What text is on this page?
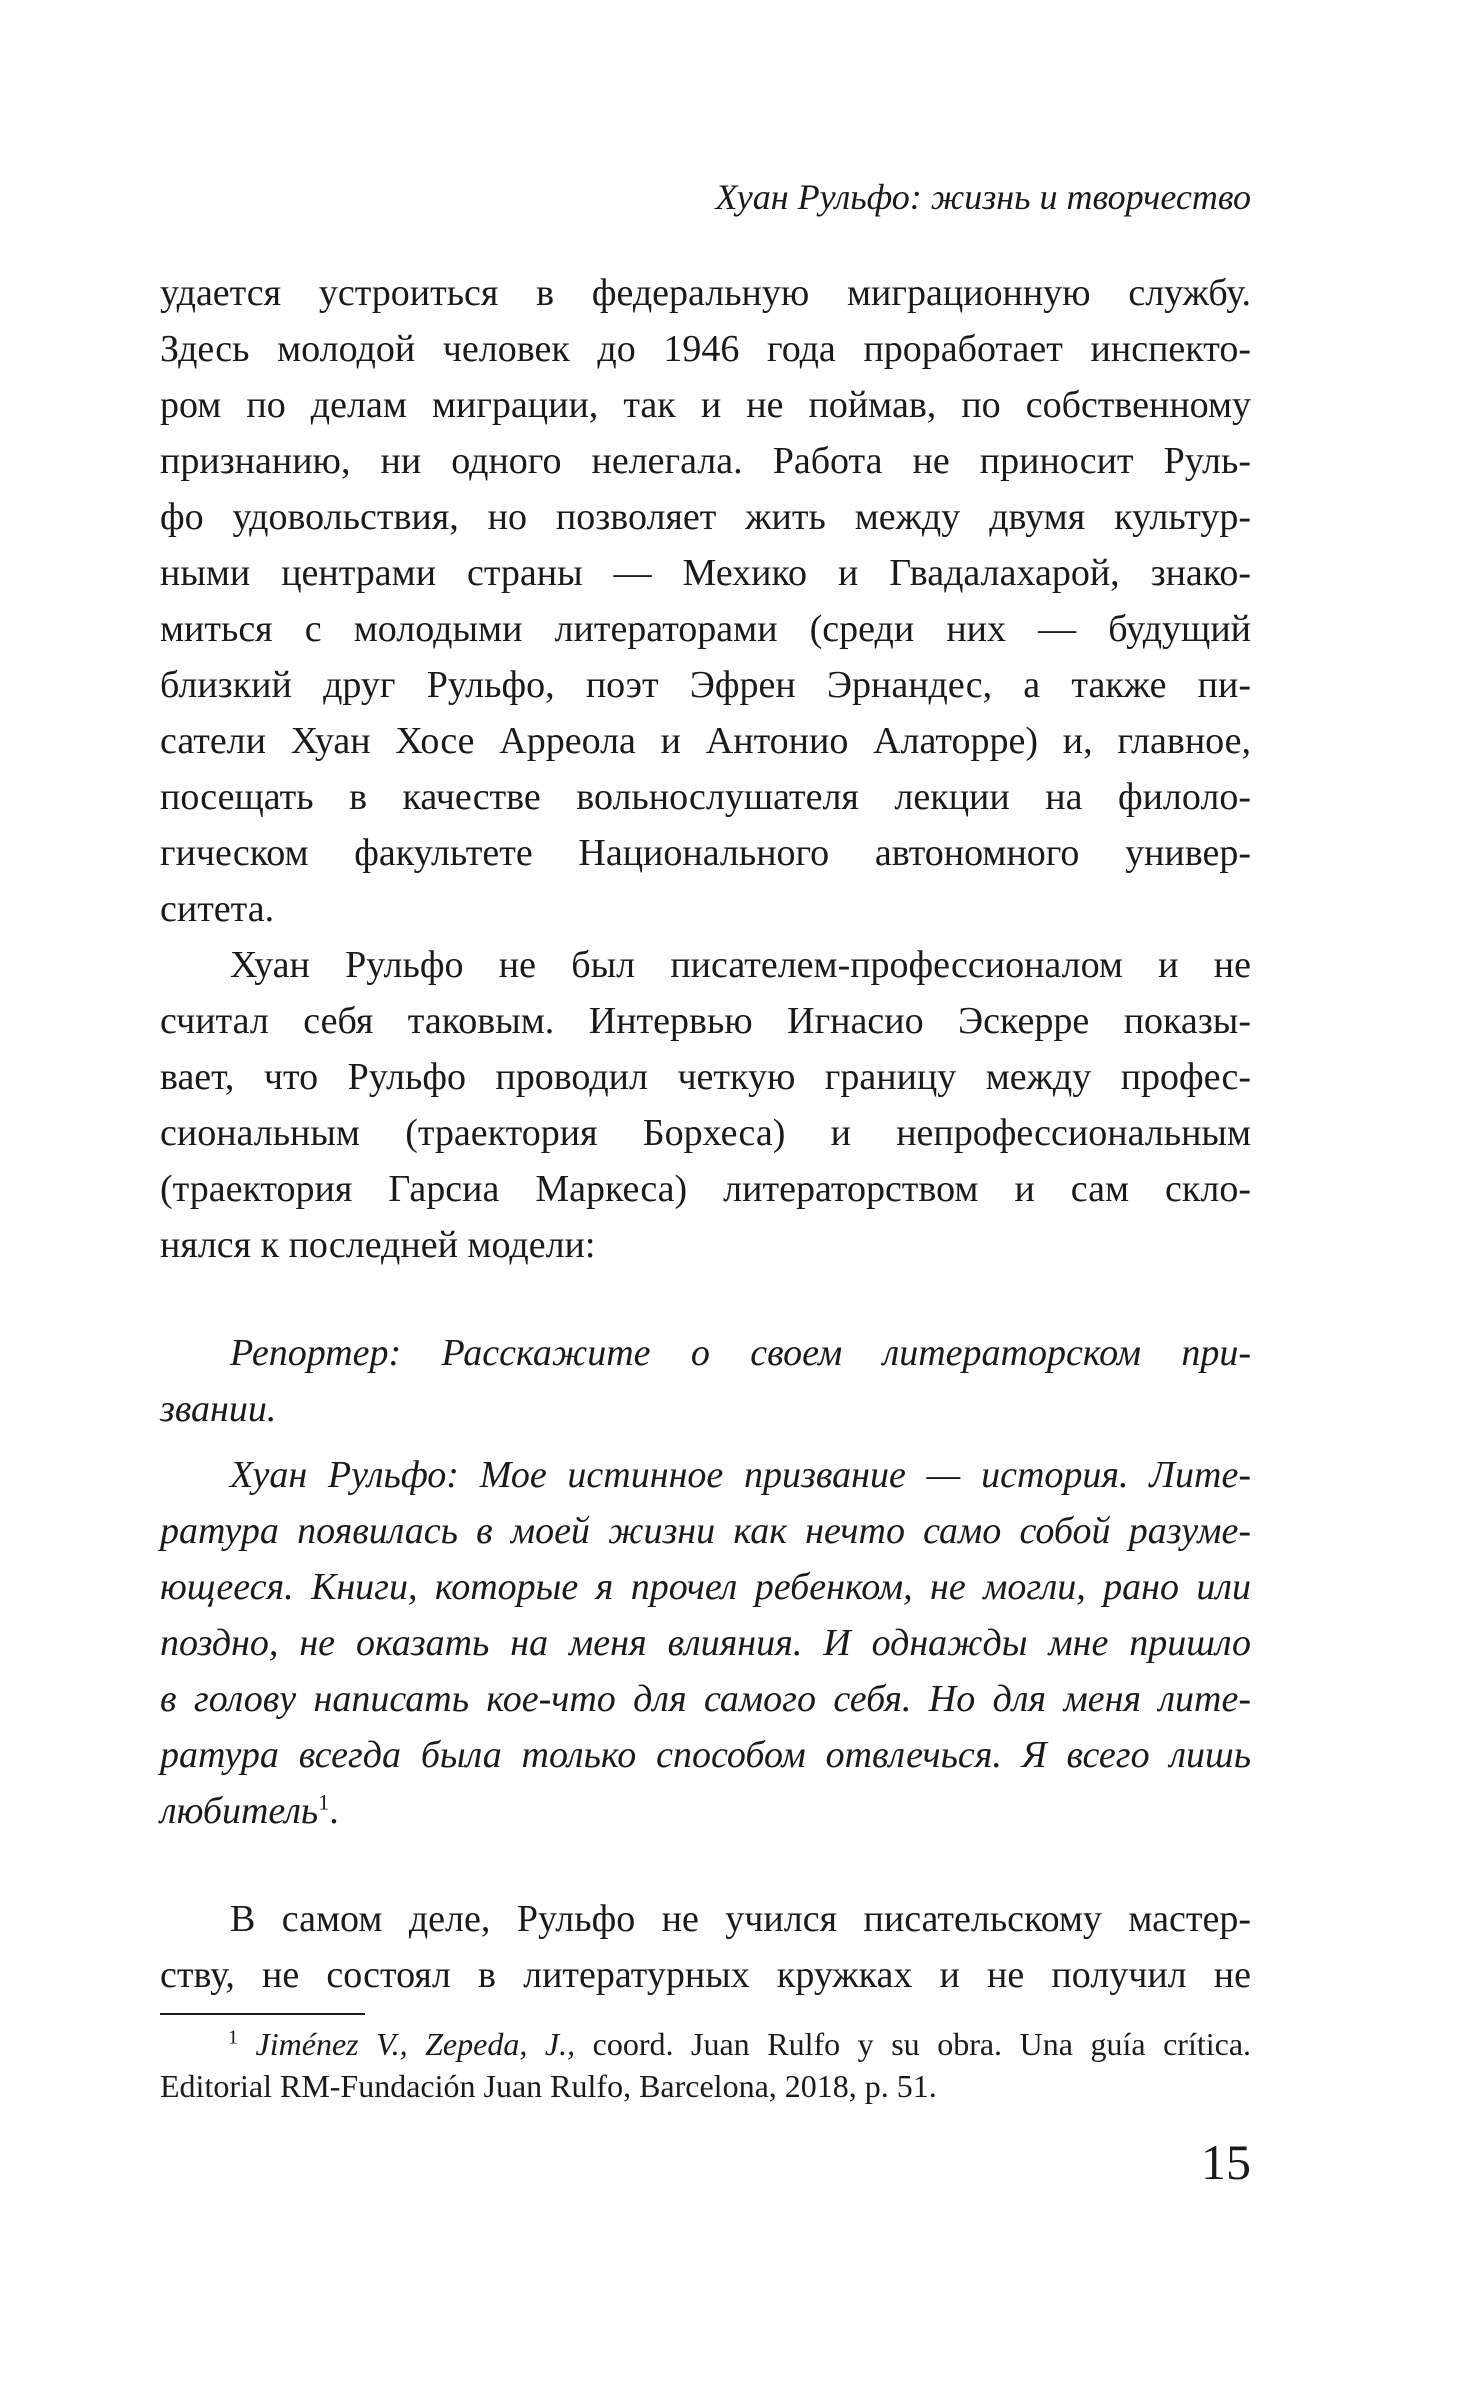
Хуан Рульфо: жизнь и творчество
удается устроиться в федеральную миграционную службу.
Здесь молодой человек до 1946 года проработает инспекто-
ром по делам миграции, так и не поймав, по собственному
признанию, ни одного нелегала. Работа не приносит Руль-
фо удовольствия, но позволяет жить между двумя культур-
ными центрами страны — Мехико и Гвадалахарой, знако-
миться с молодыми литераторами (среди них — будущий
близкий друг Рульфо, поэт Эфрен Эрнандес, а также пи-
сатели Хуан Хосе Арреола и Антонио Алаторре) и, главное,
посещать в качестве вольнослушателя лекции на филоло-
гическом факультете Национального автономного универ-
ситета.
Хуан Рульфо не был писателем-профессионалом и не
считал себя таковым. Интервью Игнасио Эскерре показы-
вает, что Рульфо проводил четкую границу между профес-
сиональным (траектория Борхеса) и непрофессиональным
(траектория Гарсиа Маркеса) литераторством и сам скло-
нялся к последней модели:
Репортер: Расскажите о своем литераторском при-
звании.
Хуан Рульфо: Мое истинное призвание — история. Лите-
ратура появилась в моей жизни как нечто само собой разуме-
ющееся. Книги, которые я прочел ребенком, не могли, рано или
поздно, не оказать на меня влияния. И однажды мне пришло
в голову написать кое-что для самого себя. Но для меня лите-
ратура всегда была только способом отвлечься. Я всего лишь
любитель$^1$.
В самом деле, Рульфо не учился писательскому мастер-
ству, не состоял в литературных кружках и не получил не
$^1$ Jiménez V., Zepeda, J., coord. Juan Rulfo y su obra. Una guía crítica.
Editorial RM-Fundación Juan Rulfo, Barcelona, 2018, p. 51.
15
